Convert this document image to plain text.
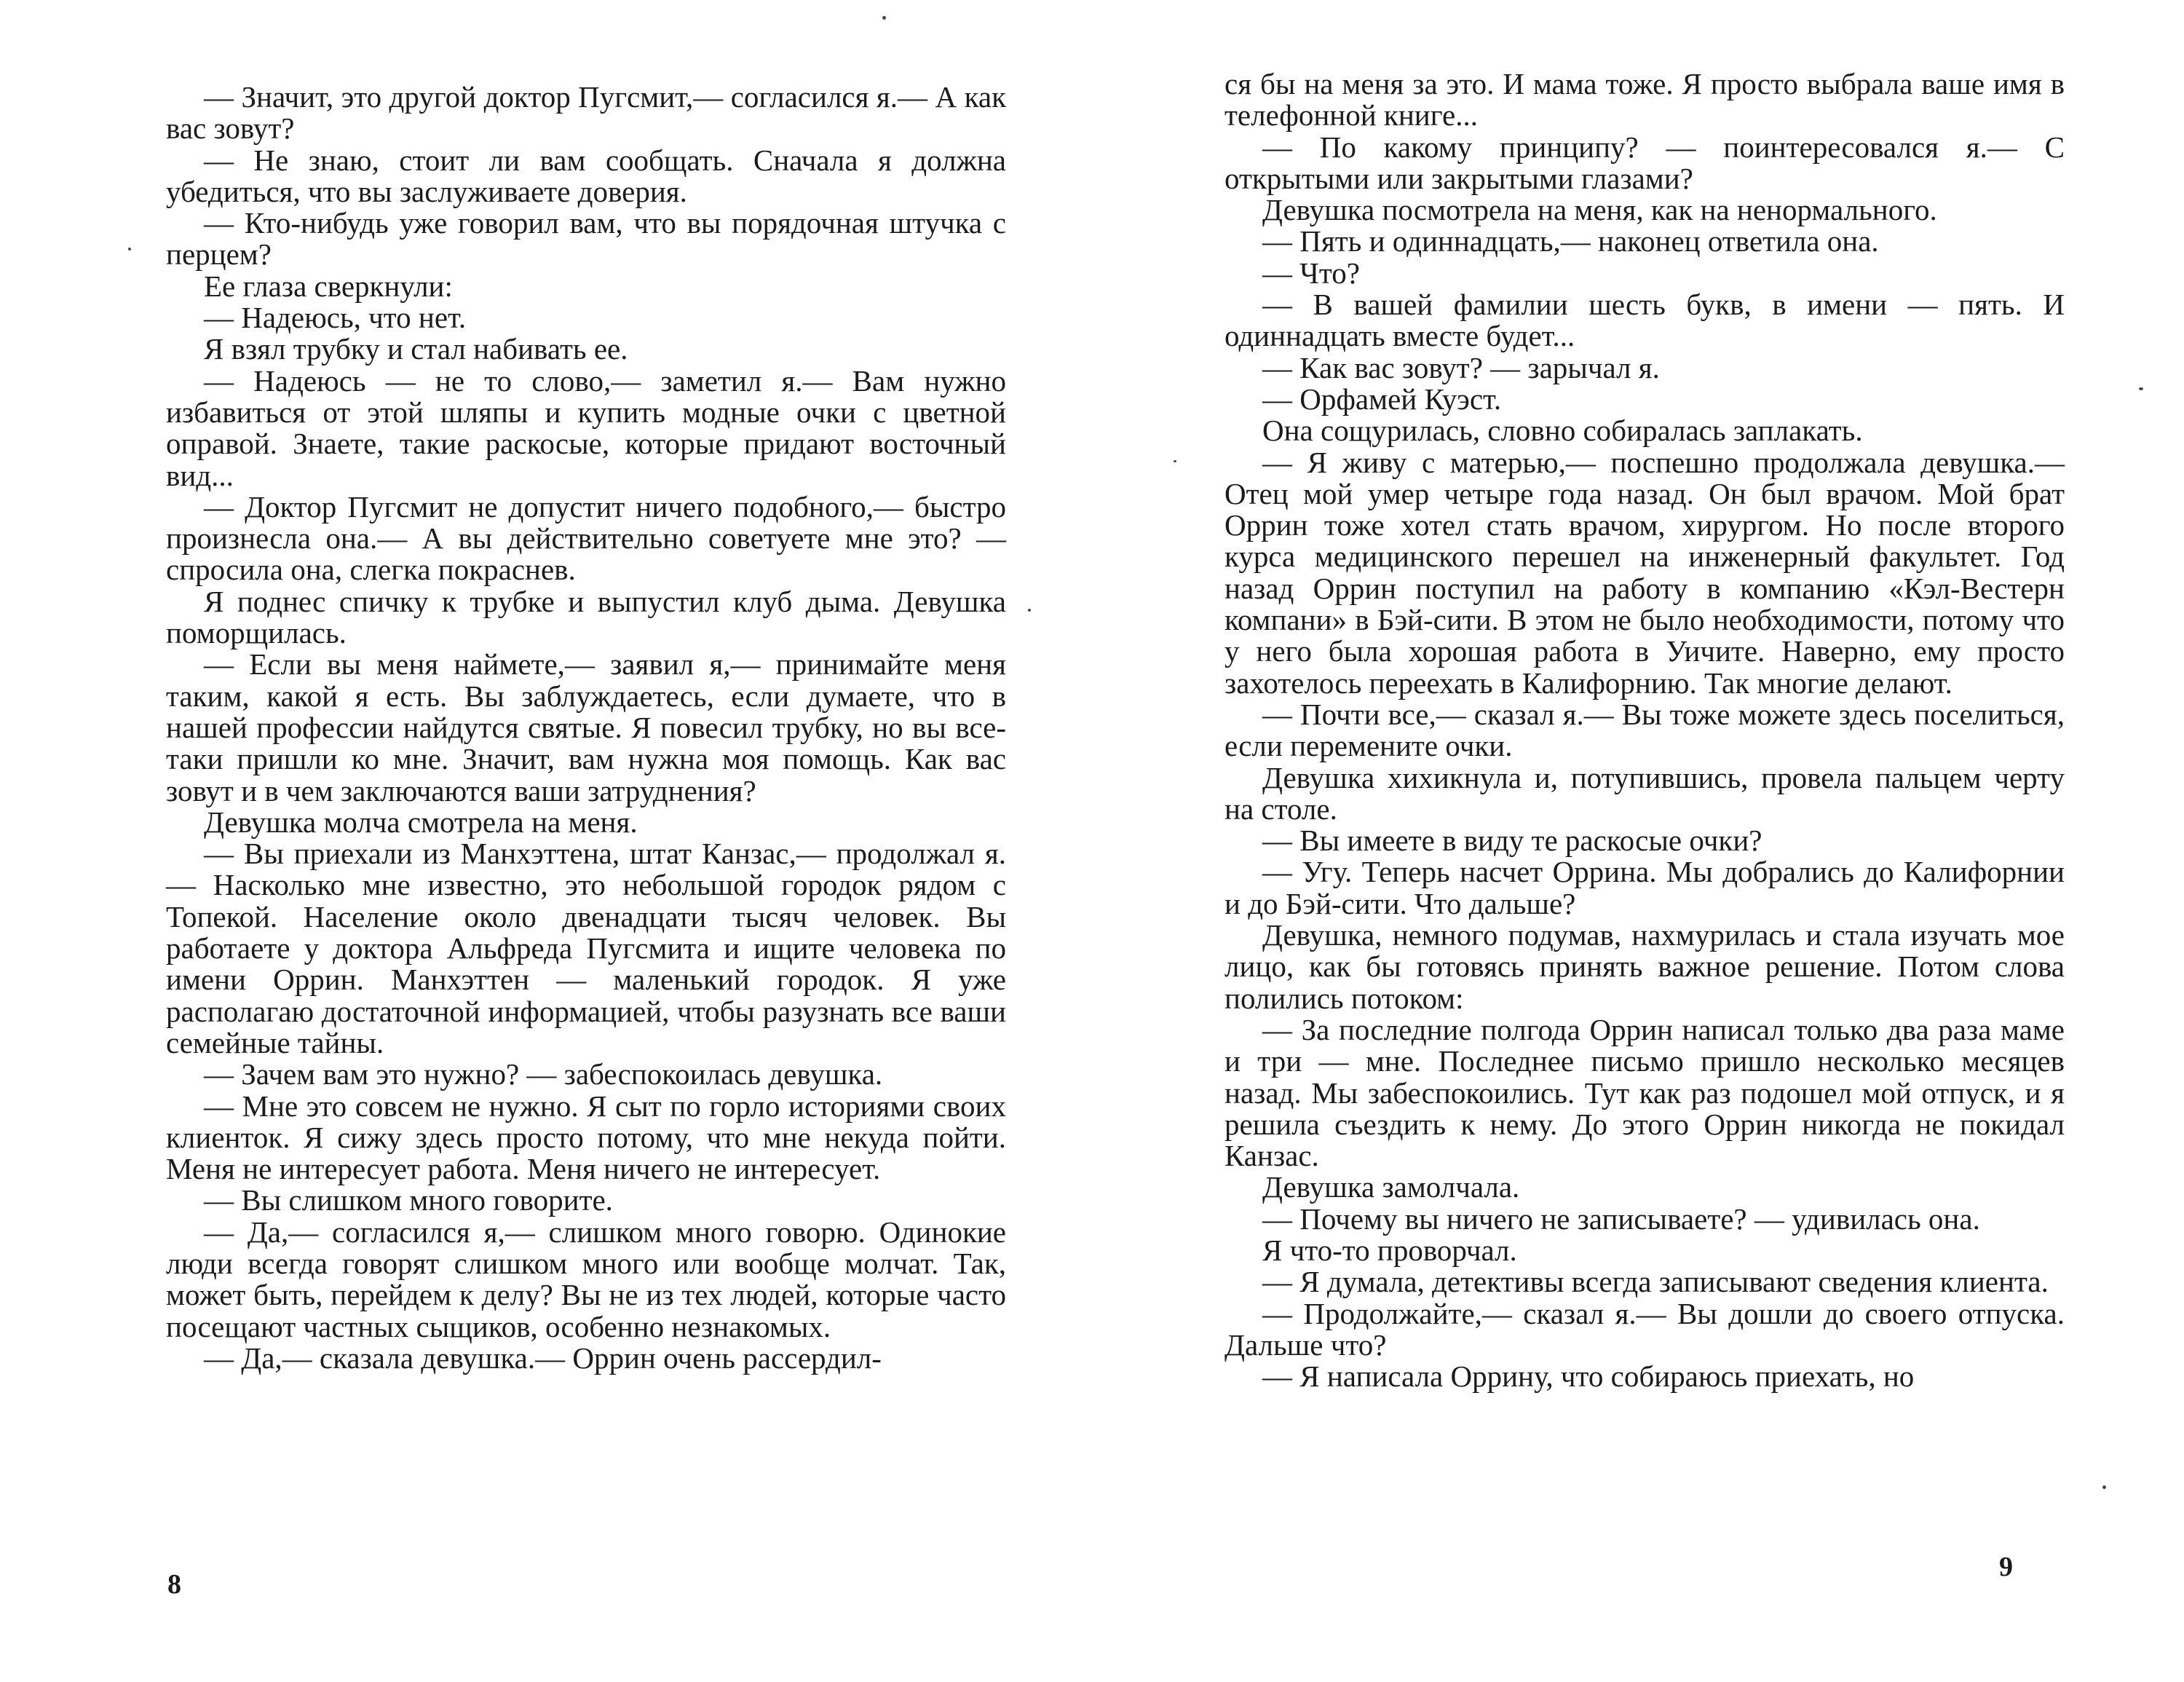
— Значит, это другой доктор Пугсмит,— согласился я.— А как вас зовут?

— Не знаю, стоит ли вам сообщать. Сначала я должна убедиться, что вы заслуживаете доверия.

— Кто-нибудь уже говорил вам, что вы порядочная штучка с перцем?

Ее глаза сверкнули:

— Надеюсь, что нет.

Я взял трубку и стал набивать ее.

— Надеюсь — не то слово,— заметил я.— Вам нужно избавиться от этой шляпы и купить модные очки с цветной оправой. Знаете, такие раскосые, которые придают восточный вид...

— Доктор Пугсмит не допустит ничего подобного,— быстро произнесла она.— А вы действительно советуете мне это? — спросила она, слегка покраснев.

Я поднес спичку к трубке и выпустил клуб дыма. Девушка поморщилась.

— Если вы меня наймете,— заявил я,— принимайте меня таким, какой я есть. Вы заблуждаетесь, если думаете, что в нашей профессии найдутся святые. Я повесил трубку, но вы все-таки пришли ко мне. Значит, вам нужна моя помощь. Как вас зовут и в чем заключаются ваши затруднения?

Девушка молча смотрела на меня.

— Вы приехали из Манхэттена, штат Канзас,— продолжал я.— Насколько мне известно, это небольшой городок рядом с Топекой. Население около двенадцати тысяч человек. Вы работаете у доктора Альфреда Пугсмита и ищите человека по имени Оррин. Манхэттен — маленький городок. Я уже располагаю достаточной информацией, чтобы разузнать все ваши семейные тайны.

— Зачем вам это нужно? — забеспокоилась девушка.

— Мне это совсем не нужно. Я сыт по горло историями своих клиенток. Я сижу здесь просто потому, что мне некуда пойти. Меня не интересует работа. Меня ничего не интересует.

— Вы слишком много говорите.

— Да,— согласился я,— слишком много говорю. Одинокие люди всегда говорят слишком много или вообще молчат. Так, может быть, перейдем к делу? Вы не из тех людей, которые часто посещают частных сыщиков, особенно незнакомых.

— Да,— сказала девушка.— Оррин очень рассердил-

8

ся бы на меня за это. И мама тоже. Я просто выбрала ваше имя в телефонной книге...

— По какому принципу? — поинтересовался я.— С открытыми или закрытыми глазами?

Девушка посмотрела на меня, как на ненормального.

— Пять и одиннадцать,— наконец ответила она.

— Что?

— В вашей фамилии шесть букв, в имени — пять. И одиннадцать вместе будет...

— Как вас зовут? — зарычал я.

— Орфамей Куэст.

Она сощурилась, словно собиралась заплакать.

— Я живу с матерью,— поспешно продолжала девушка.— Отец мой умер четыре года назад. Он был врачом. Мой брат Оррин тоже хотел стать врачом, хирургом. Но после второго курса медицинского перешел на инженерный факультет. Год назад Оррин поступил на работу в компанию «Кэл-Вестерн компани» в Бэй-сити. В этом не было необходимости, потому что у него была хорошая работа в Уичите. Наверно, ему просто захотелось переехать в Калифорнию. Так многие делают.

— Почти все,— сказал я.— Вы тоже можете здесь поселиться, если перемените очки.

Девушка хихикнула и, потупившись, провела пальцем черту на столе.

— Вы имеете в виду те раскосые очки?

— Угу. Теперь насчет Оррина. Мы добрались до Калифорнии и до Бэй-сити. Что дальше?

Девушка, немного подумав, нахмурилась и стала изучать мое лицо, как бы готовясь принять важное решение. Потом слова полились потоком:

— За последние полгода Оррин написал только два раза маме и три — мне. Последнее письмо пришло несколько месяцев назад. Мы забеспокоились. Тут как раз подошел мой отпуск, и я решила съездить к нему. До этого Оррин никогда не покидал Канзас.

Девушка замолчала.

— Почему вы ничего не записываете? — удивилась она.

Я что-то проворчал.

— Я думала, детективы всегда записывают сведения клиента.

— Продолжайте,— сказал я.— Вы дошли до своего отпуска. Дальше что?

— Я написала Оррину, что собираюсь приехать, но

9
